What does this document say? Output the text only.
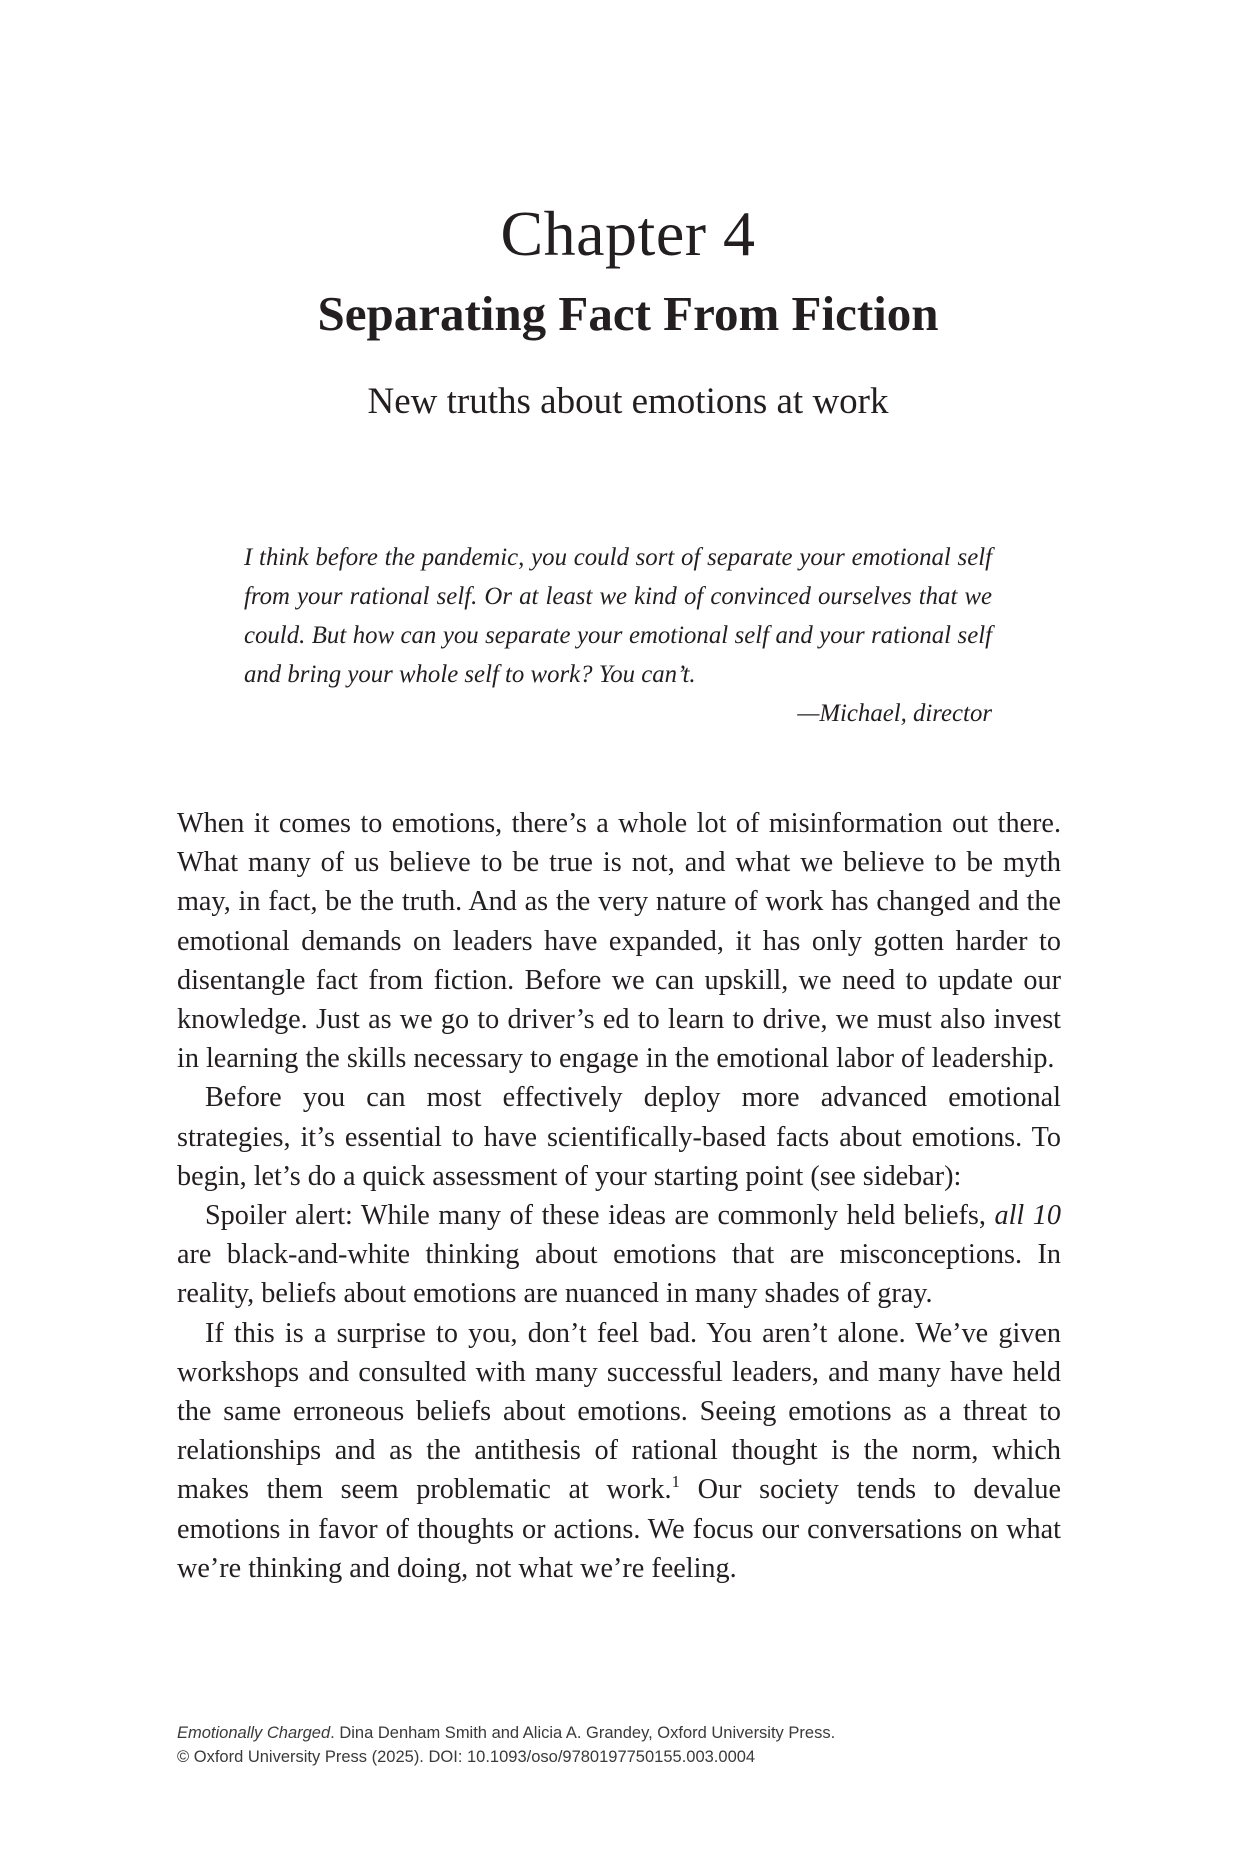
Chapter 4
Separating Fact From Fiction
New truths about emotions at work

I think before the pandemic, you could sort of separate your emotional self from your rational self. Or at least we kind of convinced ourselves that we could. But how can you separate your emotional self and your rational self and bring your whole self to work? You can’t.

—Michael, director

When it comes to emotions, there’s a whole lot of misinformation out there. What many of us believe to be true is not, and what we believe to be myth may, in fact, be the truth. And as the very nature of work has changed and the emotional demands on leaders have expanded, it has only gotten harder to disentangle fact from fiction. Before we can upskill, we need to update our knowledge. Just as we go to driver’s ed to learn to drive, we must also invest in learning the skills necessary to engage in the emotional labor of leadership.

Before you can most effectively deploy more advanced emotional strategies, it’s essential to have scientifically-based facts about emotions. To begin, let’s do a quick assessment of your starting point (see sidebar):

Spoiler alert: While many of these ideas are commonly held beliefs, all 10 are black-and-white thinking about emotions that are misconceptions. In reality, beliefs about emotions are nuanced in many shades of gray.

If this is a surprise to you, don’t feel bad. You aren’t alone. We’ve given workshops and consulted with many successful leaders, and many have held the same erroneous beliefs about emotions. Seeing emotions as a threat to relationships and as the antithesis of rational thought is the norm, which makes them seem problematic at work.$^1$ Our society tends to devalue emotions in favor of thoughts or actions. We focus our conversations on what we’re thinking and doing, not what we’re feeling.

Emotionally Charged. Dina Denham Smith and Alicia A. Grandey, Oxford University Press.

© Oxford University Press (2025). DOI: 10.1093/oso/9780197750155.003.0004
